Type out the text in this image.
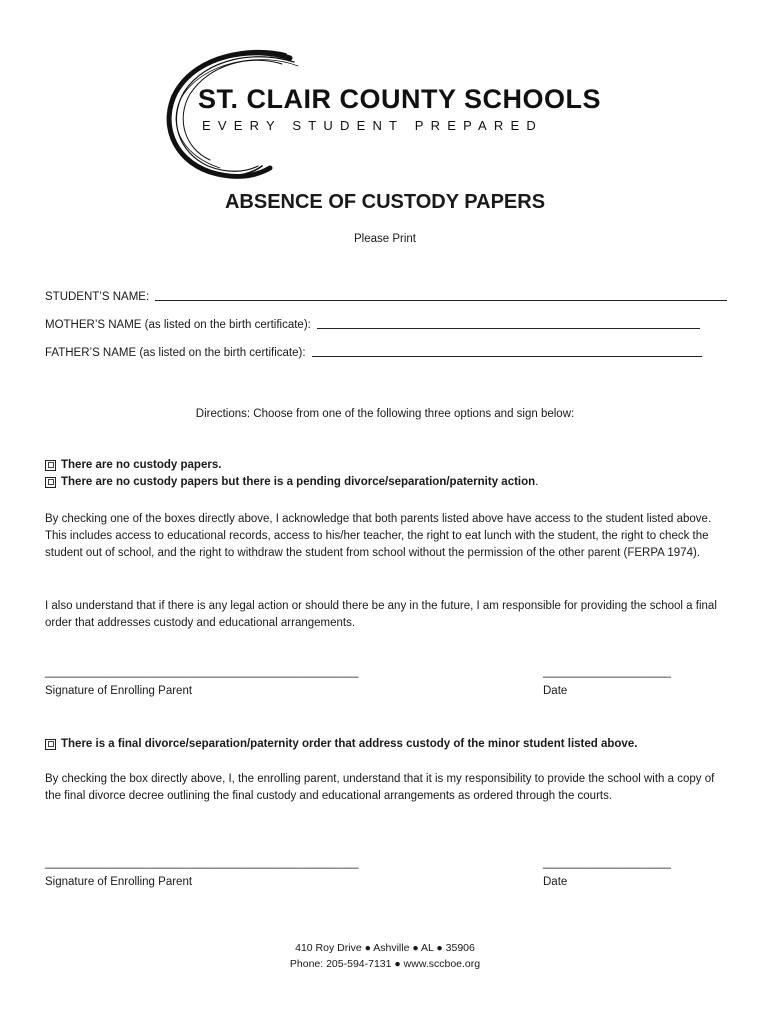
ST. CLAIR COUNTY SCHOOLS
EVERY STUDENT PREPARED
ABSENCE OF CUSTODY PAPERS
Please Print
STUDENT’S NAME:
MOTHER’S NAME (as listed on the birth certificate):
FATHER’S NAME (as listed on the birth certificate):
Directions: Choose from one of the following three options and sign below:
There are no custody papers.
There are no custody papers but there is a pending divorce/separation/paternity action .
By checking one of the boxes directly above, I acknowledge that both parents listed above have access to the student listed above. This includes access to educational records, access to his/her teacher, the right to eat lunch with the student, the right to check the student out of school, and the right to withdraw the student from school without the permission of the other parent (FERPA 1974).
I also understand that if there is any legal action or should there be any in the future, I am responsible for providing the school a final order that addresses custody and educational arrangements.
_________________________________________________	____________________
Signature of Enrolling Parent	Date
There is a final divorce/separation/paternity order that address custody of the minor student listed above.
By checking the box directly above, I, the enrolling parent, understand that it is my responsibility to provide the school with a copy of the final divorce decree outlining the final custody and educational arrangements as ordered through the courts.
_________________________________________________	____________________
Signature of Enrolling Parent	Date
410 Roy Drive ● Ashville ● AL ● 35906
Phone: 205-594-7131 ● www.sccboe.org
